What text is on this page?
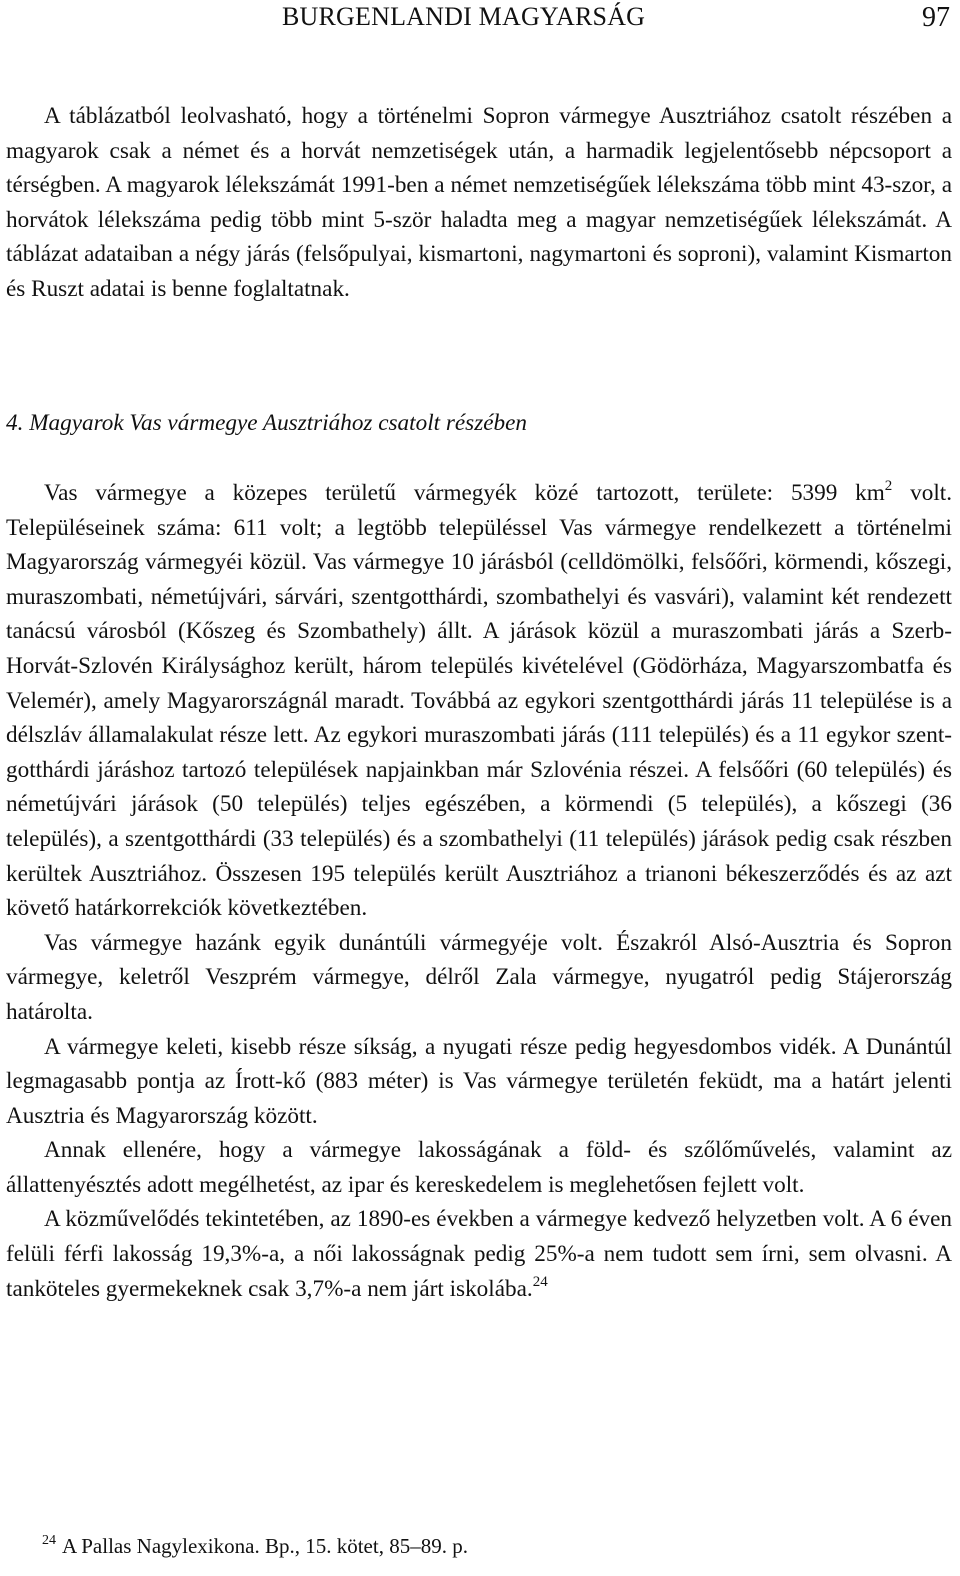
BURGENLANDI MAGYARSÁG	97

A táblázatból leolvasható, hogy a történelmi Sopron vármegye Ausztriához csatolt részében a magyarok csak a német és a horvát nemzetiségek után, a harmadik legjelentősebb népcsoport a térségben. A magyarok lélekszámát 1991-ben a német nemzetiségűek lélekszáma több mint 43-szor, a horvátok lélekszáma pedig több mint 5-ször haladta meg a magyar nemzetiségűek lélekszámát. A táblázat adataiban a négy járás (felsőpulyai, kismartoni, nagymartoni és soproni), valamint Kismarton és Ruszt adatai is benne foglaltatnak.

4. Magyarok Vas vármegye Ausztriához csatolt részében

Vas vármegye a közepes területű vármegyék közé tartozott, területe: 5399 $km^2$ volt. Településeinek száma: 611 volt; a legtöbb településsel Vas vármegye rendelkezett a történelmi Magyarország vármegyéi közül. Vas vármegye 10 járásból (celldömölki, felsőőri, körmendi, kőszegi, muraszombati, németújvári, sárvári, szentgotthárdi, szombathelyi és vasvári), valamint két rendezett tanácsú városból (Kőszeg és Szombathely) állt. A járások közül a muraszombati járás a Szerb-Horvát-Szlovén Királysághoz került, három település kivételével (Gödörháza, Magyarszombatfa és Velemér), amely Magyarországnál maradt. Továbbá az egykori szentgotthárdi járás 11 települése is a délszláv államalakulat része lett. Az egykori muraszombati járás (111 település) és a 11 egykor szentgotthárdi járáshoz tartozó települések napjainkban már Szlovénia részei. A felsőőri (60 település) és németújvári járások (50 település) teljes egészében, a körmendi (5 település), a kőszegi (36 település), a szentgotthárdi (33 település) és a szombathelyi (11 település) járások pedig csak részben kerültek Ausztriához. Összesen 195 település került Ausztriához a trianoni békeszerződés és az azt követő határkorrekciók következtében.

Vas vármegye hazánk egyik dunántúli vármegyéje volt. Északról Alsó-Ausztria és Sopron vármegye, keletről Veszprém vármegye, délről Zala vármegye, nyugatról pedig Stájerország határolta.

A vármegye keleti, kisebb része síkság, a nyugati része pedig hegyesdombos vidék. A Dunántúl legmagasabb pontja az Írott-kő (883 méter) is Vas vármegye területén feküdt, ma a határt jelenti Ausztria és Magyarország között.

Annak ellenére, hogy a vármegye lakosságának a föld- és szőlőművelés, valamint az állattenyésztés adott megélhetést, az ipar és kereskedelem is meglehetősen fejlett volt.

A közművelődés tekintetében, az 1890-es években a vármegye kedvező helyzetben volt. A 6 éven felüli férfi lakosság 19,3%-a, a női lakosságnak pedig 25%-a nem tudott sem írni, sem olvasni. A tanköteles gyermekeknek csak 3,7%-a nem járt iskolába.$^{24}$

$^{24}$ A Pallas Nagylexikona. Bp., 15. kötet, 85–89. p.
